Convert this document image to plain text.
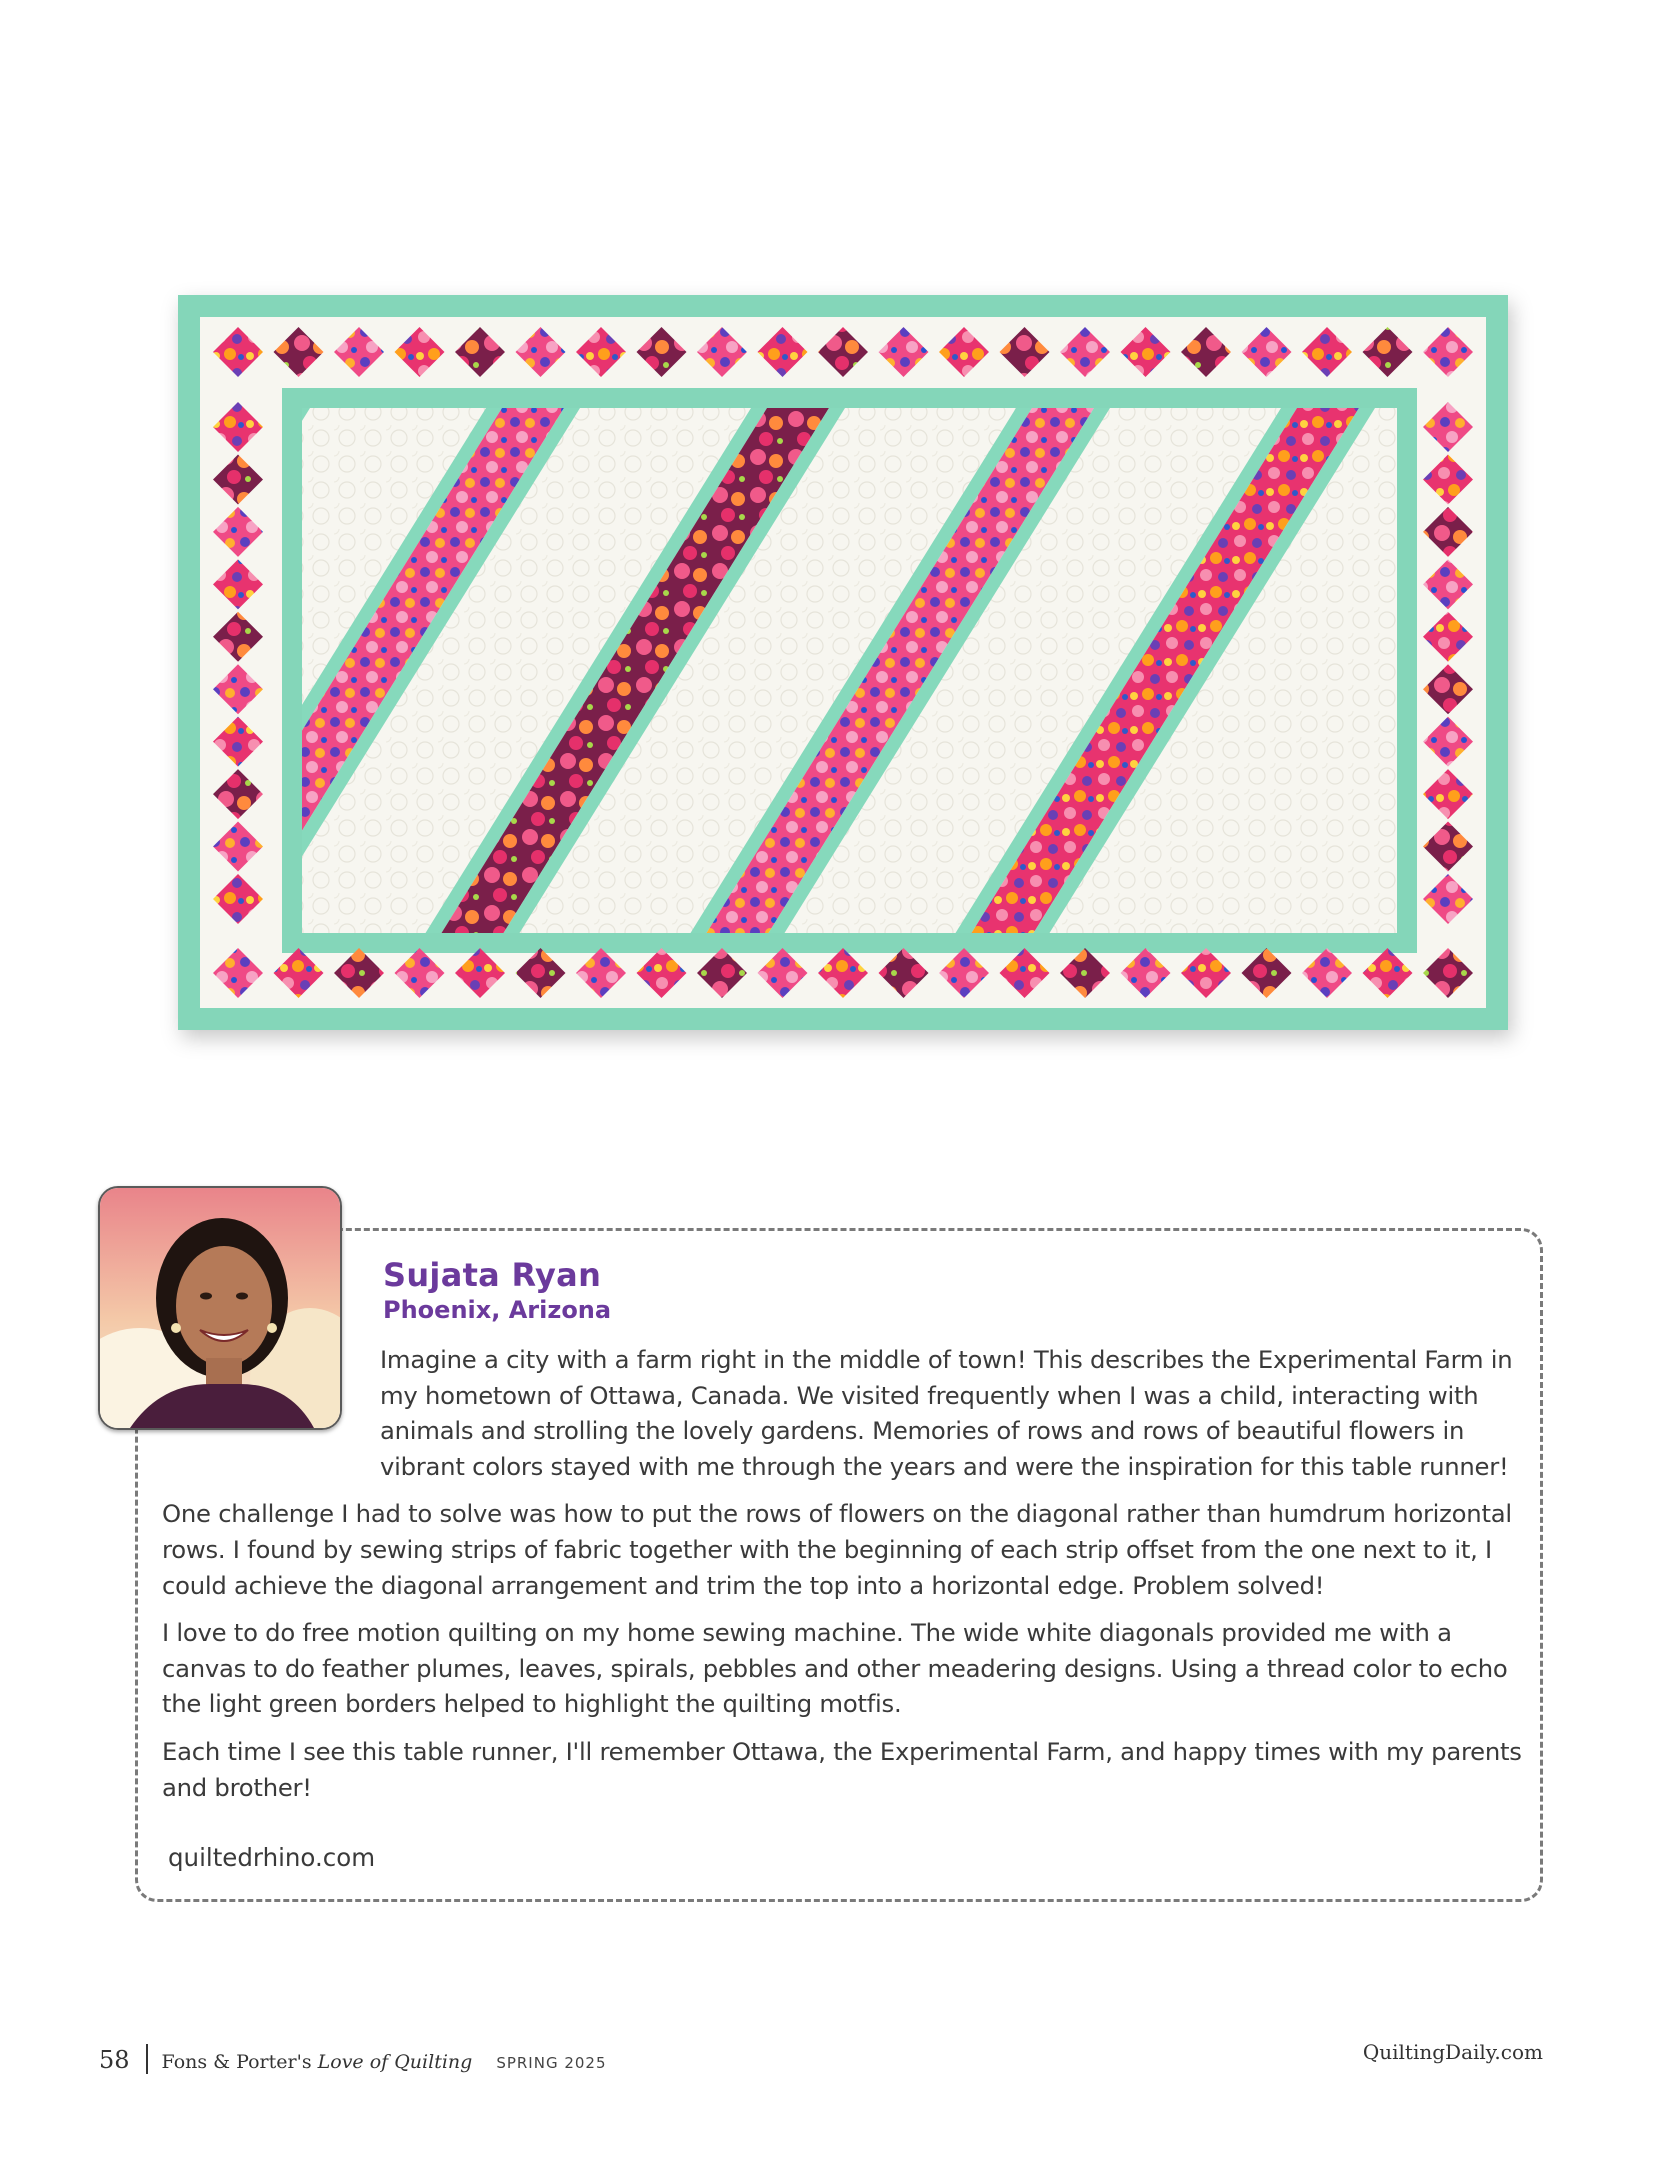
Sujata Ryan

Phoenix, Arizona

Imagine a city with a farm right in the middle of town! This describes the Experimental Farm in my hometown of Ottawa, Canada. We visited frequently when I was a child, interacting with animals and strolling the lovely gardens. Memories of rows and rows of beautiful flowers in vibrant colors stayed with me through the years and were the inspiration for this table runner!

One challenge I had to solve was how to put the rows of flowers on the diagonal rather than humdrum horizontal rows. I found by sewing strips of fabric together with the beginning of each strip offset from the one next to it, I could achieve the diagonal arrangement and trim the top into a horizontal edge. Problem solved!

I love to do free motion quilting on my home sewing machine. The wide white diagonals provided me with a canvas to do feather plumes, leaves, spirals, pebbles and other meadering designs. Using a thread color to echo the light green borders helped to highlight the quilting motfis.

Each time I see this table runner, I'll remember Ottawa, the Experimental Farm, and happy times with my parents and brother!

quiltedrhino.com
58 Fons & Porter's Love of Quilting SPRING 2025	QuiltingDaily.com
